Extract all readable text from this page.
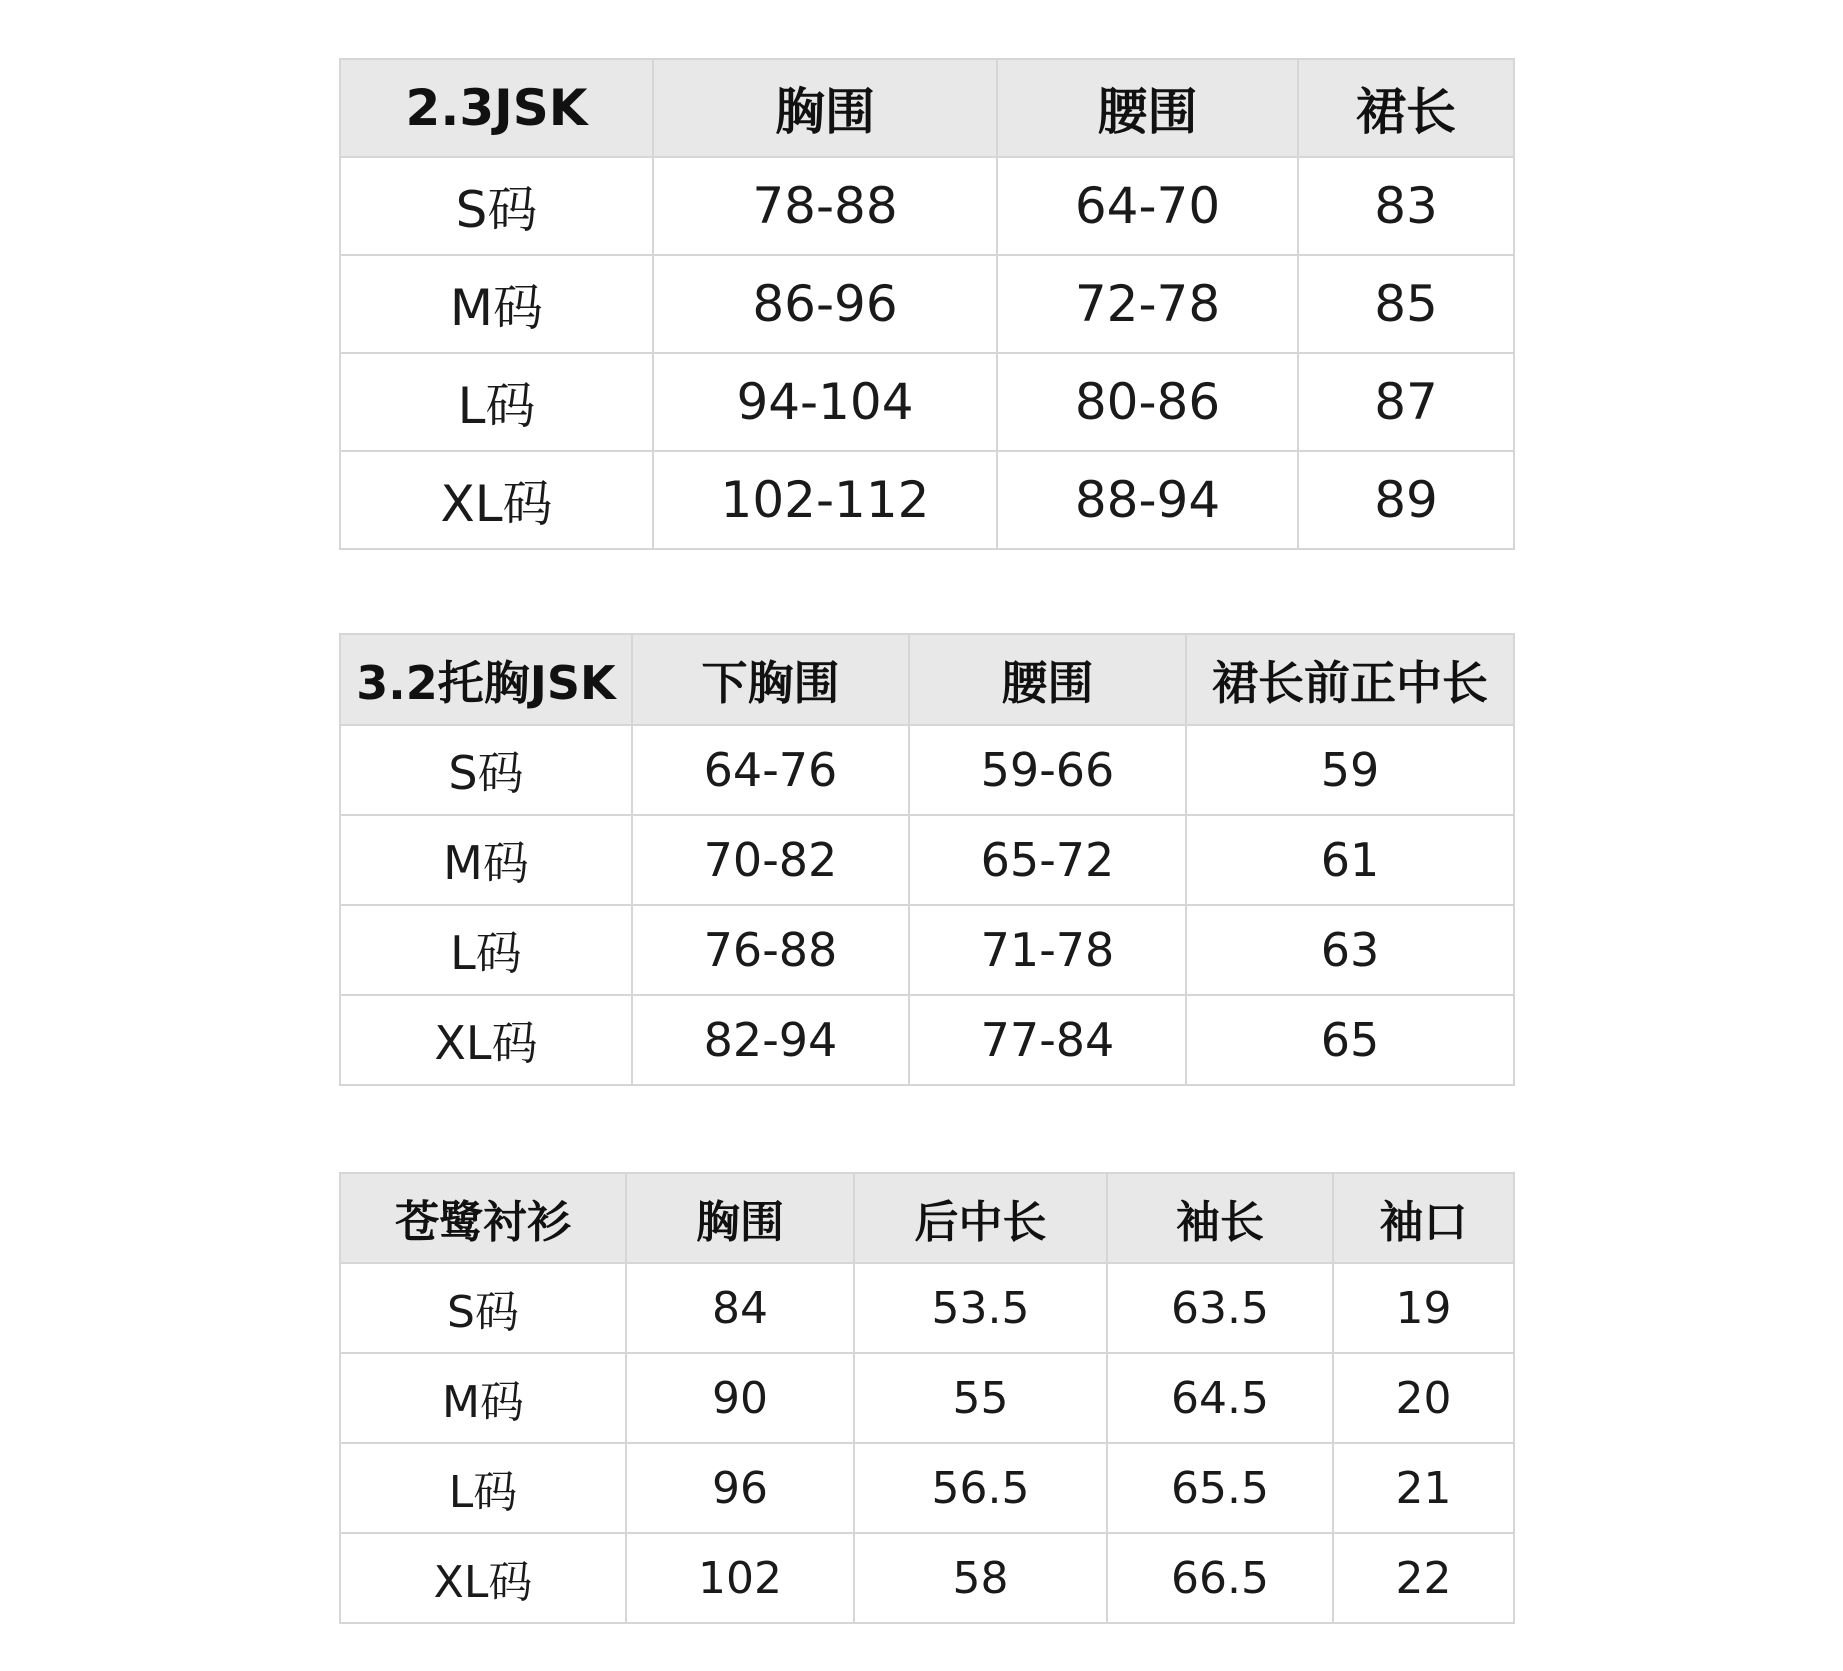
2.3JSK	胸围	腰围	裙长
S码	78-88	64-70	83
M码	86-96	72-78	85
L码	94-104	80-86	87
XL码	102-112	88-94	89
3.2托胸JSK	下胸围	腰围	裙长前正中长
S码	64-76	59-66	59
M码	70-82	65-72	61
L码	76-88	71-78	63
XL码	82-94	77-84	65
苍鹭衬衫	胸围	后中长	袖长	袖口
S码	84	53.5	63.5	19
M码	90	55	64.5	20
L码	96	56.5	65.5	21
XL码	102	58	66.5	22
